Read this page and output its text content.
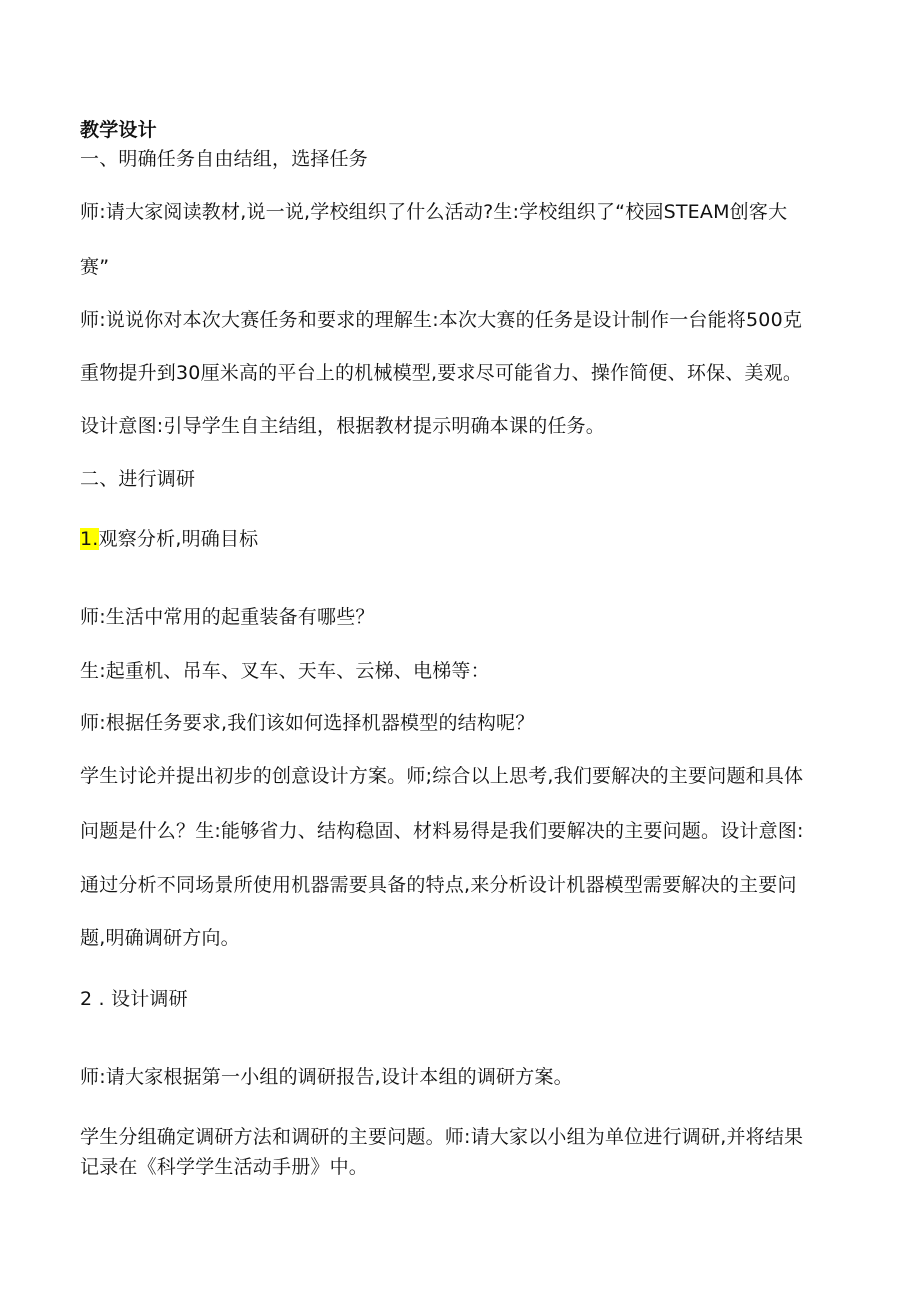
教学设计

一、明确任务自由结组，选择任务

师:请大家阅读教材,说一说,学校组织了什么活动?生:学校组织了“校园STEAM创客大

赛”

师:说说你对本次大赛任务和要求的理解生:本次大赛的任务是设计制作一台能将500克

重物提升到30厘米高的平台上的机械模型,要求尽可能省力、操作简便、环保、美观。

设计意图:引导学生自主结组，根据教材提示明确本课的任务。

二、进行调研

1.观察分析,明确目标

师:生活中常用的起重装备有哪些？

生:起重机、吊车、叉车、天车、云梯、电梯等：

师:根据任务要求,我们该如何选择机器模型的结构呢？

学生讨论并提出初步的创意设计方案。师;综合以上思考,我们要解决的主要问题和具体

问题是什么？生:能够省力、结构稳固、材料易得是我们要解决的主要问题。设计意图:

通过分析不同场景所使用机器需要具备的特点,来分析设计机器模型需要解决的主要问

题,明确调研方向。

2 . 设计调研

师:请大家根据第一小组的调研报告,设计本组的调研方案。

学生分组确定调研方法和调研的主要问题。师:请大家以小组为单位进行调研,并将结果

记录在《科学学生活动手册》中。
